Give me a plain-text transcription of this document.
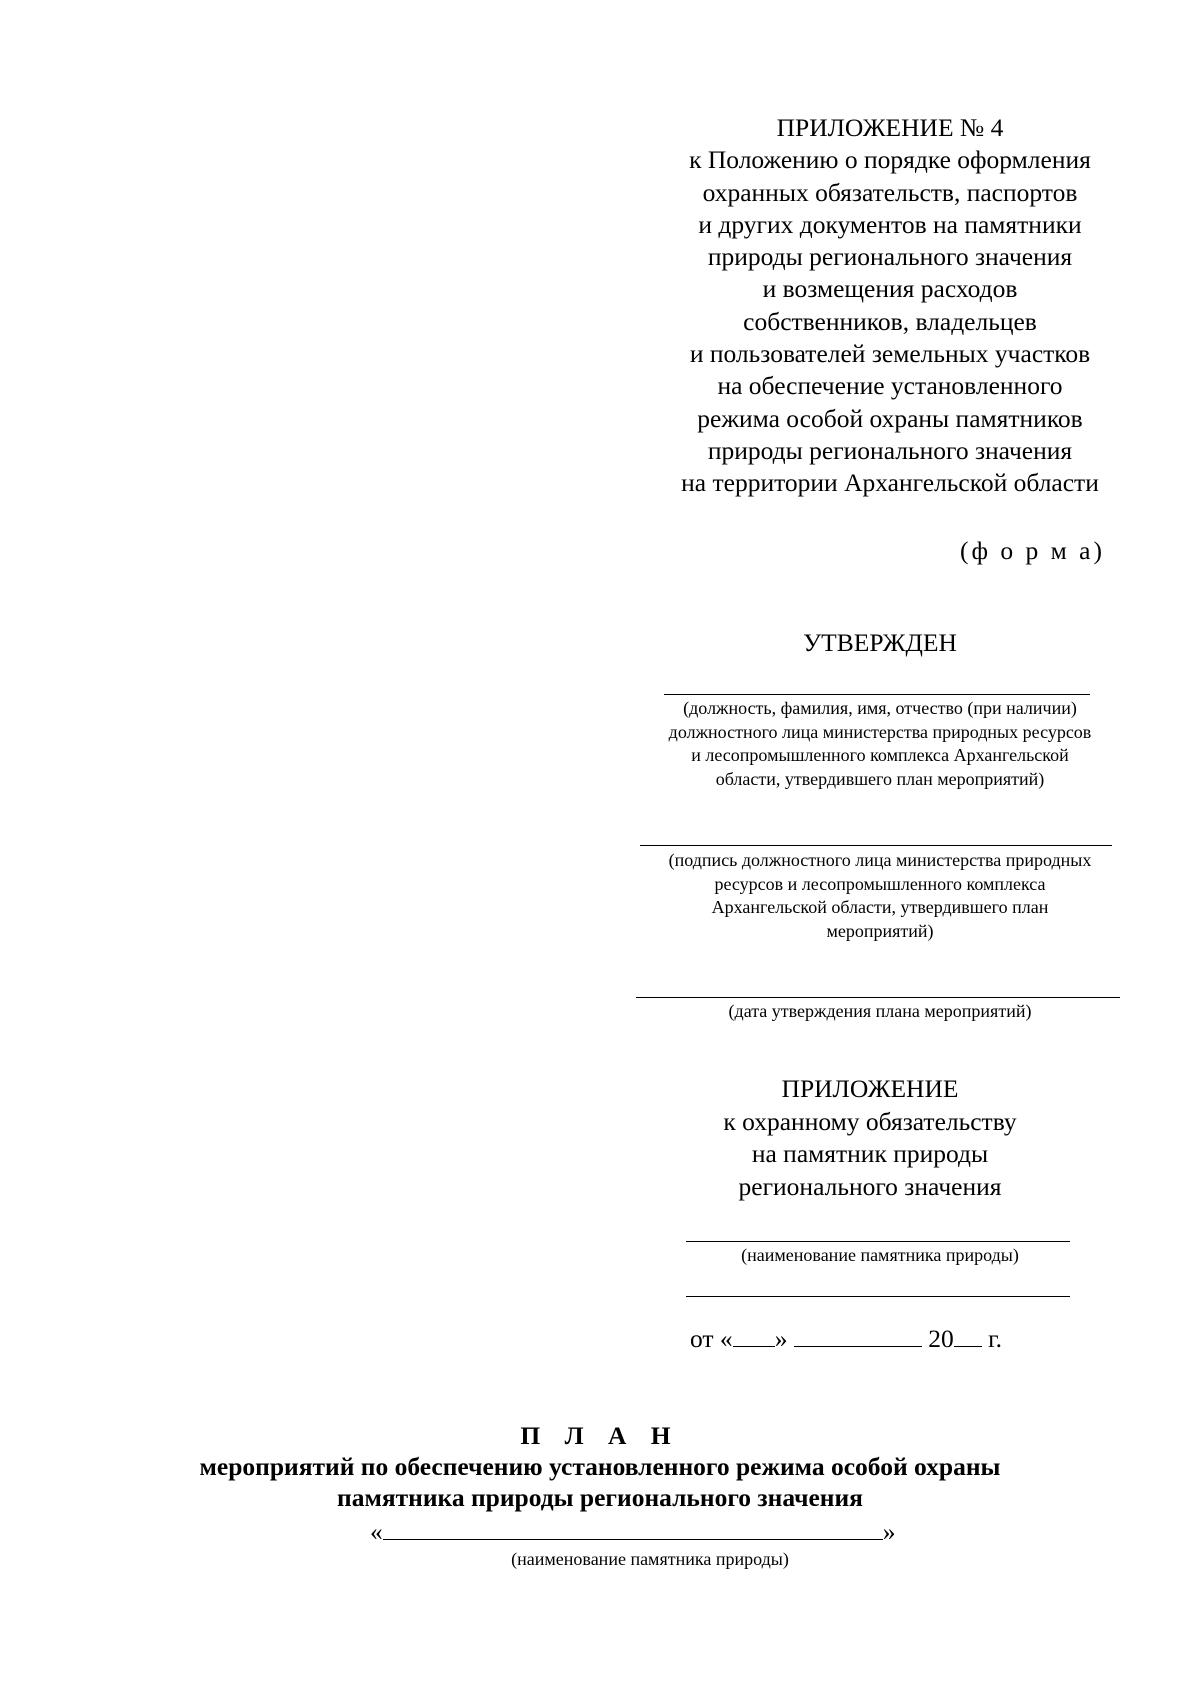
ПРИЛОЖЕНИЕ № 4
к Положению о порядке оформления
охранных обязательств, паспортов
и других документов на памятники
природы регионального значения
и возмещения расходов
собственников, владельцев
и пользователей земельных участков
на обеспечение установленного
режима особой охраны памятников
природы регионального значения
на территории Архангельской области
(ф о р м а)
УТВЕРЖДЕН
(должность, фамилия, имя, отчество (при наличии)
должностного лица министерства природных ресурсов
и лесопромышленного комплекса Архангельской
области, утвердившего план мероприятий)
(подпись должностного лица министерства природных
ресурсов и лесопромышленного комплекса
Архангельской области, утвердившего план
мероприятий)
(дата утверждения плана мероприятий)
ПРИЛОЖЕНИЕ
к охранному обязательству
на памятник природы
регионального значения
(наименование памятника природы)
от « »	20 г.
П Л А Н
мероприятий по обеспечению установленного режима особой охраны
памятника природы регионального значения
«	»
(наименование памятника природы)
